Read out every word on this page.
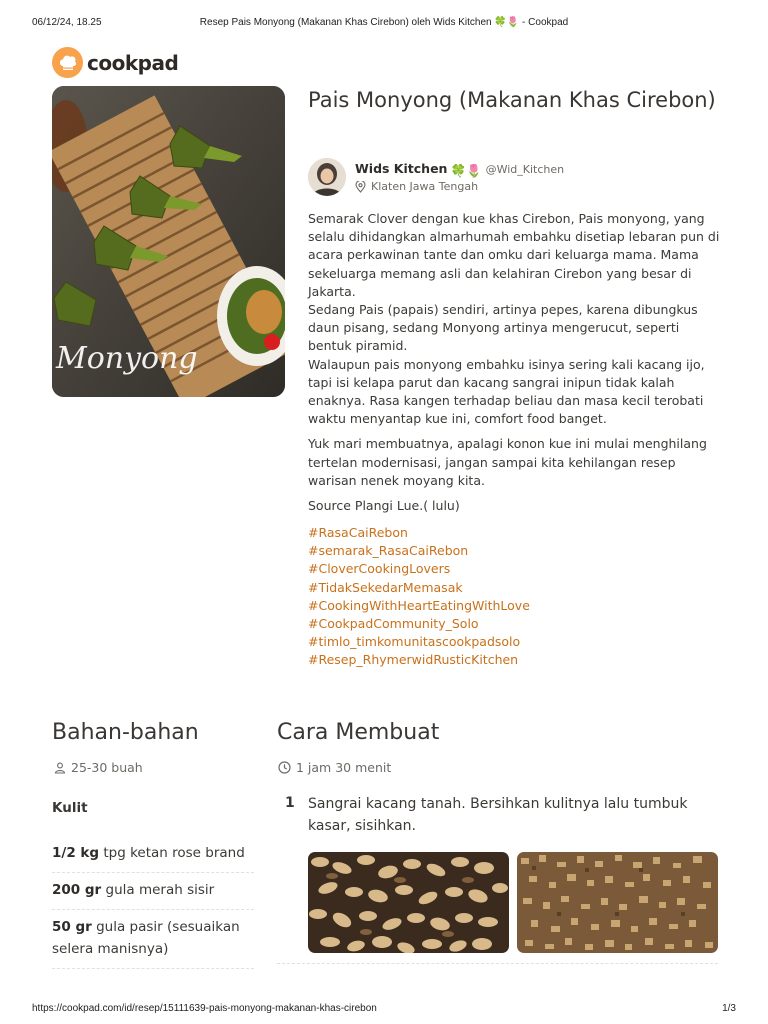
06/12/24, 18.25	Resep Pais Monyong (Makanan Khas Cirebon) oleh Wids Kitchen 🍀🌷 - Cookpad
cookpad
Monyong
Pais Monyong (Makanan Khas Cirebon)
Wids Kitchen 🍀🌷 @Wid_Kitchen
Klaten Jawa Tengah

Semarak Clover dengan kue khas Cirebon, Pais monyong, yang selalu dihidangkan almarhumah embahku disetiap lebaran pun di acara perkawinan tante dan omku dari keluarga mama. Mama sekeluarga memang asli dan kelahiran Cirebon yang besar di Jakarta.

Sedang Pais (papais) sendiri, artinya pepes, karena dibungkus daun pisang, sedang Monyong artinya mengerucut, seperti bentuk piramid.

Walaupun pais monyong embahku isinya sering kali kacang ijo, tapi isi kelapa parut dan kacang sangrai inipun tidak kalah enaknya. Rasa kangen terhadap beliau dan masa kecil terobati waktu menyantap kue ini, comfort food banget.

Yuk mari membuatnya, apalagi konon kue ini mulai menghilang tertelan modernisasi, jangan sampai kita kehilangan resep warisan nenek moyang kita.

Source Plangi Lue.( lulu)

#RasaCaiRebon
#semarak_RasaCaiRebon
#CloverCookingLovers
#TidakSekedarMemasak
#CookingWithHeartEatingWithLove
#CookpadCommunity_Solo
#timlo_timkomunitascookpadsolo
#Resep_RhymerwidRusticKitchen
Bahan-bahan
25-30 buah
Kulit
1/2 kg tpg ketan rose brand
200 gr gula merah sisir
50 gr gula pasir (sesuaikan selera manisnya)
Cara Membuat
1 jam 30 menit
1 Sangrai kacang tanah. Bersihkan kulitnya lalu tumbuk kasar, sisihkan.
https://cookpad.com/id/resep/15111639-pais-monyong-makanan-khas-cirebon	1/3
